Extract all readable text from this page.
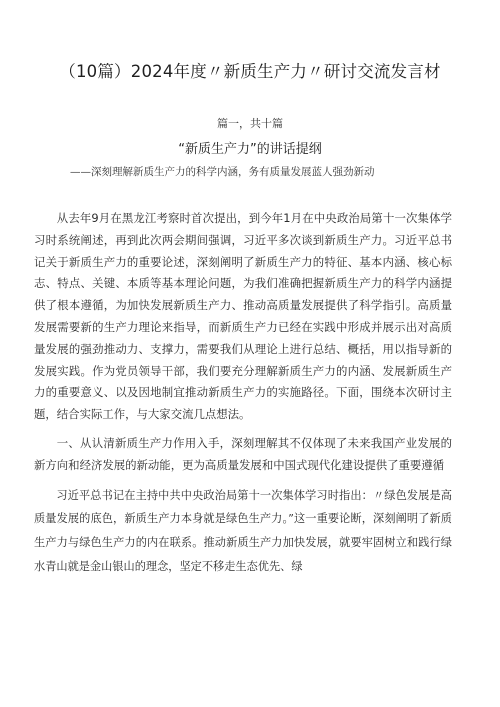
（10篇）2024年度〃新质生产力〃研讨交流发言材
篇一，共十篇
“新质生产力”的讲话提纲
——深刻理解新质生产力的科学内涵，务有质量发展蓝人强劲新动

从去年9月在黑龙江考察时首次提出，到今年1月在中央政治局第十一次集体学习时系统阐述，再到此次两会期间强调，习近平多次谈到新质生产力。习近平总书记关于新质生产力的重要论述，深刻阐明了新质生产力的特征、基本内涵、核心标志、特点、关键、本质等基本理论问题，为我们准确把握新质生产力的科学内涵提供了根本遵循，为加快发展新质生产力、推动高质量发展提供了科学指引。高质量发展需要新的生产力理论来指导，而新质生产力已经在实践中形成并展示出对高质量发展的强劲推动力、支撑力，需要我们从理论上进行总结、概括，用以指导新的发展实践。作为党员领导干部，我们要充分理解新质生产力的内涵、发展新质生产力的重要意义、以及因地制宜推动新质生产力的实施路径。下面，围绕本次研讨主题，结合实际工作，与大家交流几点想法。

一、从认清新质生产力作用入手，深刻理解其不仅体现了未来我国产业发展的新方向和经济发展的新动能，更为高质量发展和中国式现代化建设提供了重要遵循

习近平总书记在主持中共中央政治局第十一次集体学习时指出：〃绿色发展是高质量发展的底色，新质生产力本身就是绿色生产力。”这一重要论断，深刻阐明了新质生产力与绿色生产力的内在联系。推动新质生产力加快发展，就要牢固树立和践行绿水青山就是金山银山的理念，坚定不移走生态优先、绿
